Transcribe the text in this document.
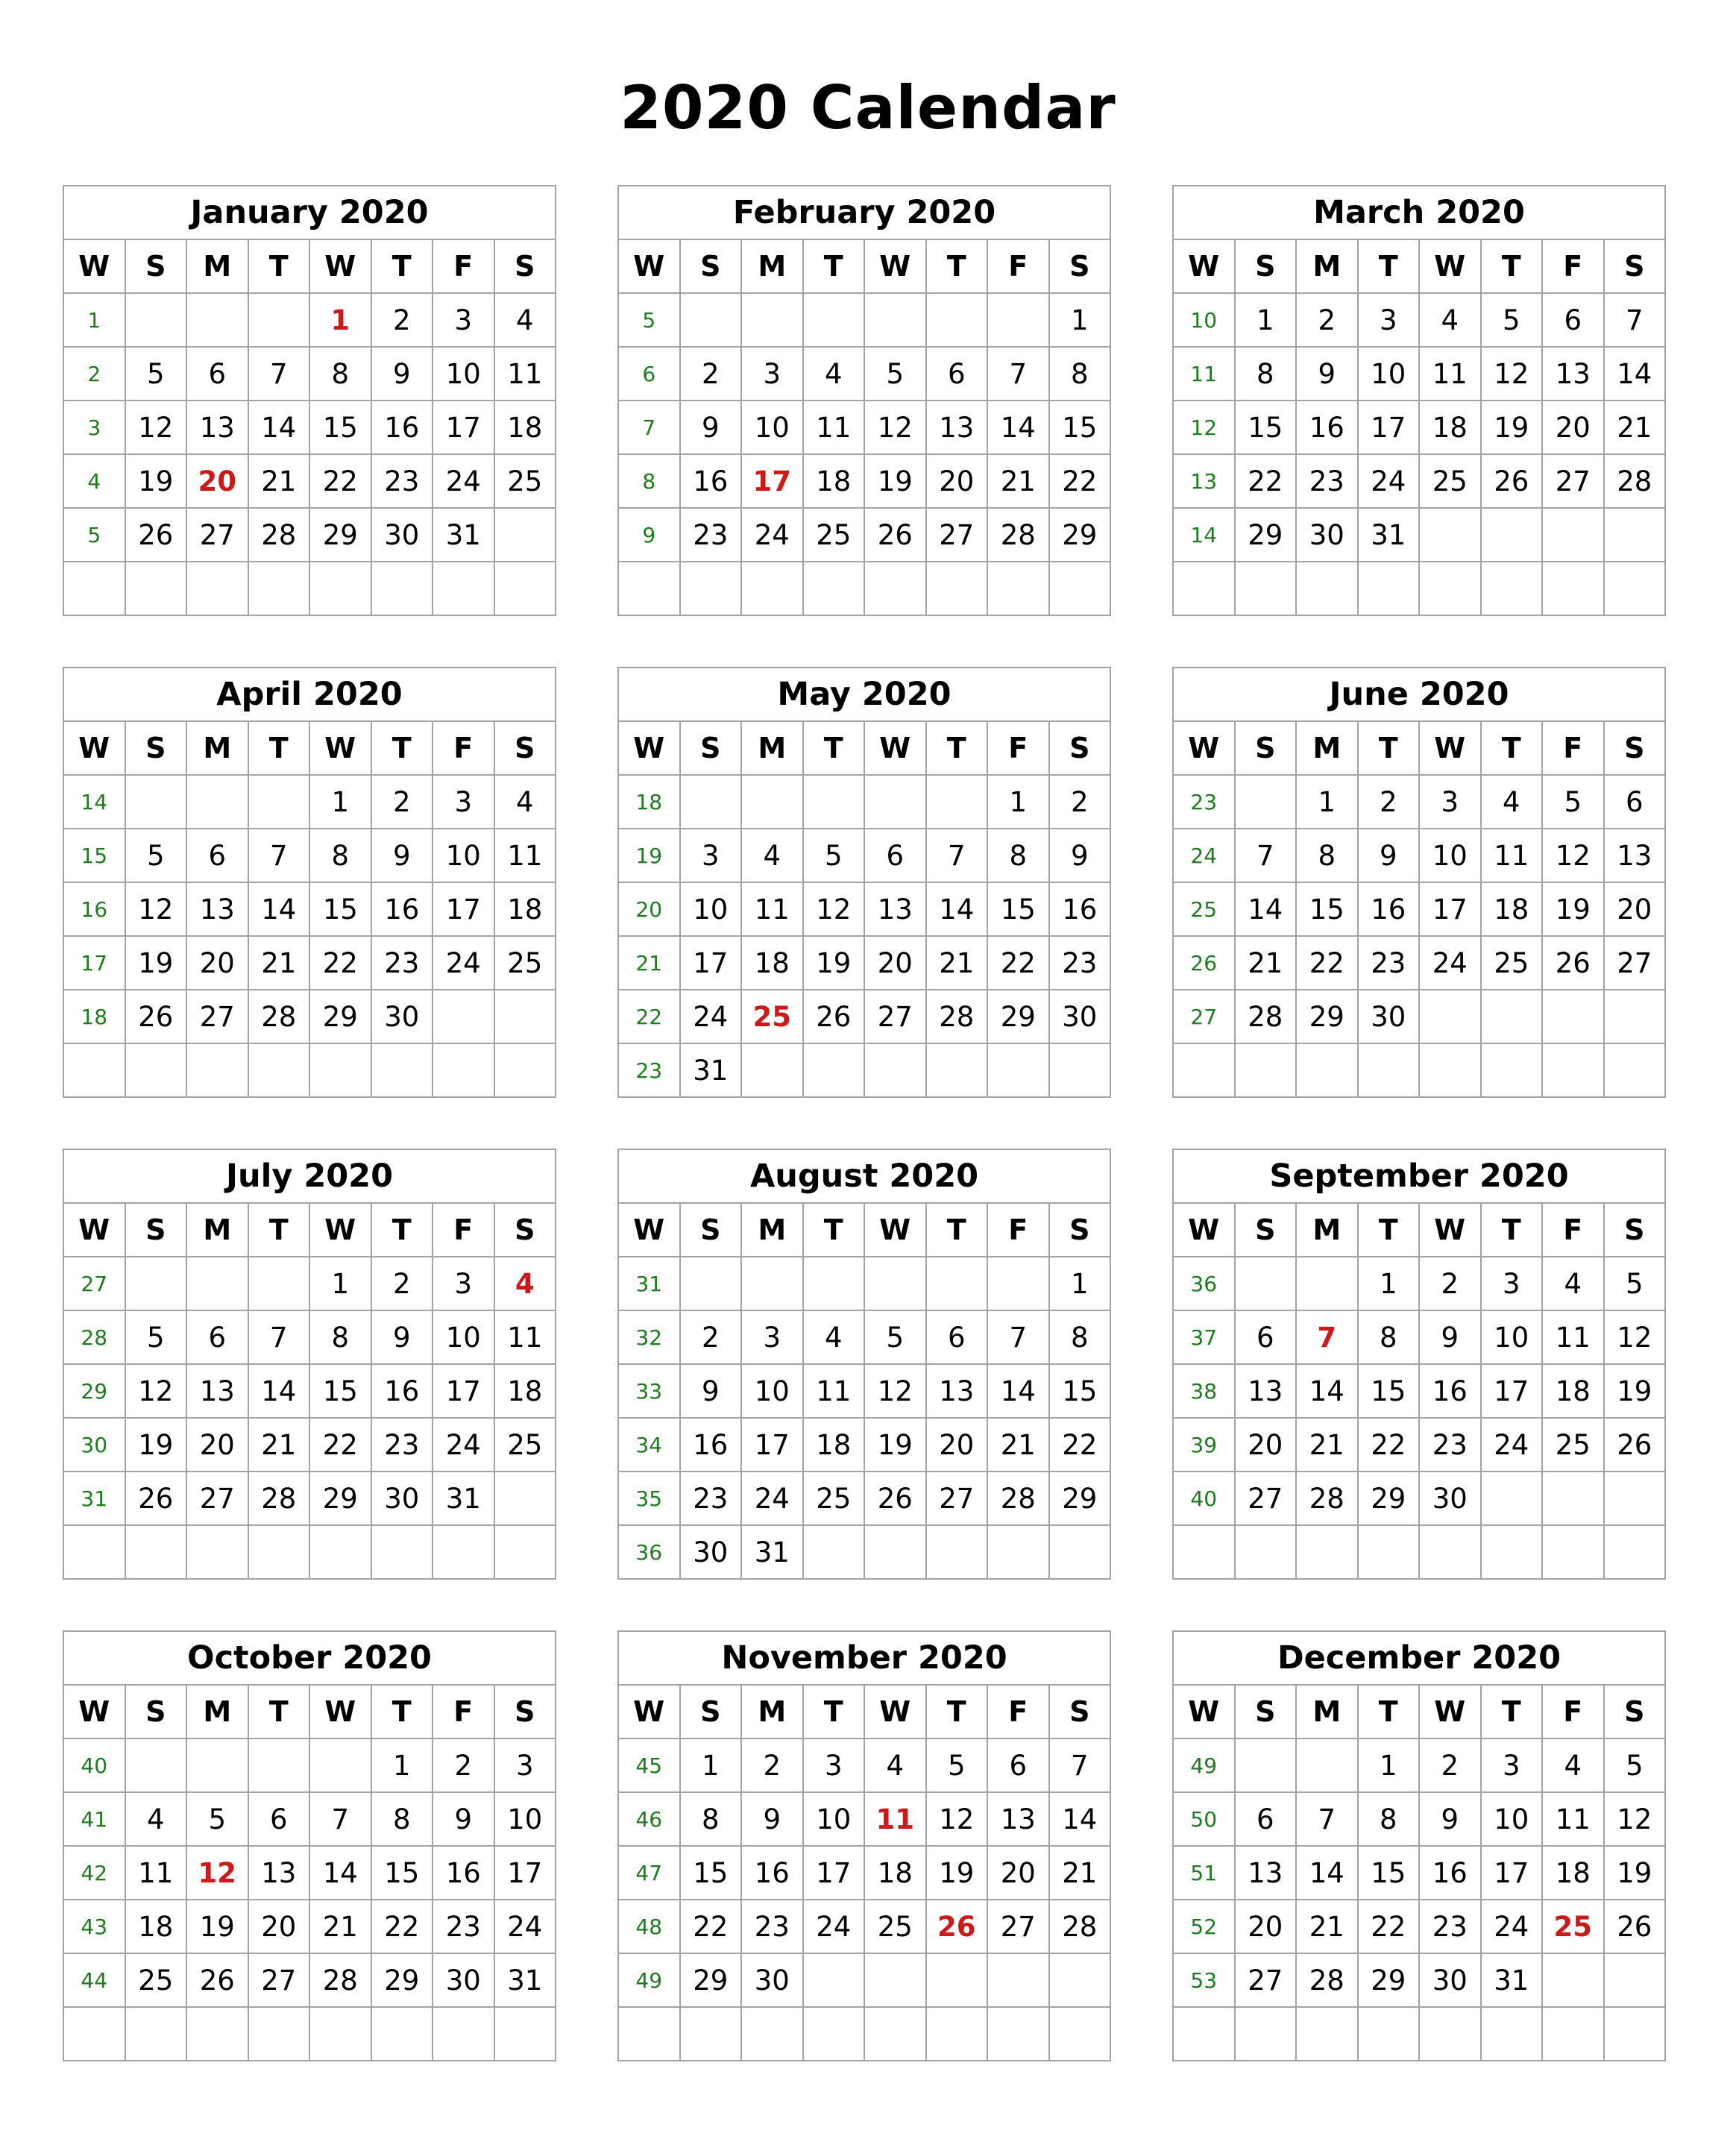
2020 Calendar
January 2020							
W	S	M	T	W	T	F	S
1				1	2	3	4
2	5	6	7	8	9	10	11
3	12	13	14	15	16	17	18
4	19	20	21	22	23	24	25
5	26	27	28	29	30	31	

February 2020							
W	S	M	T	W	T	F	S
5							1
6	2	3	4	5	6	7	8
7	9	10	11	12	13	14	15
8	16	17	18	19	20	21	22
9	23	24	25	26	27	28	29

March 2020							
W	S	M	T	W	T	F	S
10	1	2	3	4	5	6	7
11	8	9	10	11	12	13	14
12	15	16	17	18	19	20	21
13	22	23	24	25	26	27	28
14	29	30	31				

April 2020							
W	S	M	T	W	T	F	S
14				1	2	3	4
15	5	6	7	8	9	10	11
16	12	13	14	15	16	17	18
17	19	20	21	22	23	24	25
18	26	27	28	29	30		

May 2020							
W	S	M	T	W	T	F	S
18						1	2
19	3	4	5	6	7	8	9
20	10	11	12	13	14	15	16
21	17	18	19	20	21	22	23
22	24	25	26	27	28	29	30
23	31						
June 2020							
W	S	M	T	W	T	F	S
23		1	2	3	4	5	6
24	7	8	9	10	11	12	13
25	14	15	16	17	18	19	20
26	21	22	23	24	25	26	27
27	28	29	30				

July 2020							
W	S	M	T	W	T	F	S
27				1	2	3	4
28	5	6	7	8	9	10	11
29	12	13	14	15	16	17	18
30	19	20	21	22	23	24	25
31	26	27	28	29	30	31	

August 2020							
W	S	M	T	W	T	F	S
31							1
32	2	3	4	5	6	7	8
33	9	10	11	12	13	14	15
34	16	17	18	19	20	21	22
35	23	24	25	26	27	28	29
36	30	31					
September 2020							
W	S	M	T	W	T	F	S
36			1	2	3	4	5
37	6	7	8	9	10	11	12
38	13	14	15	16	17	18	19
39	20	21	22	23	24	25	26
40	27	28	29	30			

October 2020							
W	S	M	T	W	T	F	S
40					1	2	3
41	4	5	6	7	8	9	10
42	11	12	13	14	15	16	17
43	18	19	20	21	22	23	24
44	25	26	27	28	29	30	31

November 2020							
W	S	M	T	W	T	F	S
45	1	2	3	4	5	6	7
46	8	9	10	11	12	13	14
47	15	16	17	18	19	20	21
48	22	23	24	25	26	27	28
49	29	30					

December 2020							
W	S	M	T	W	T	F	S
49			1	2	3	4	5
50	6	7	8	9	10	11	12
51	13	14	15	16	17	18	19
52	20	21	22	23	24	25	26
53	27	28	29	30	31		
